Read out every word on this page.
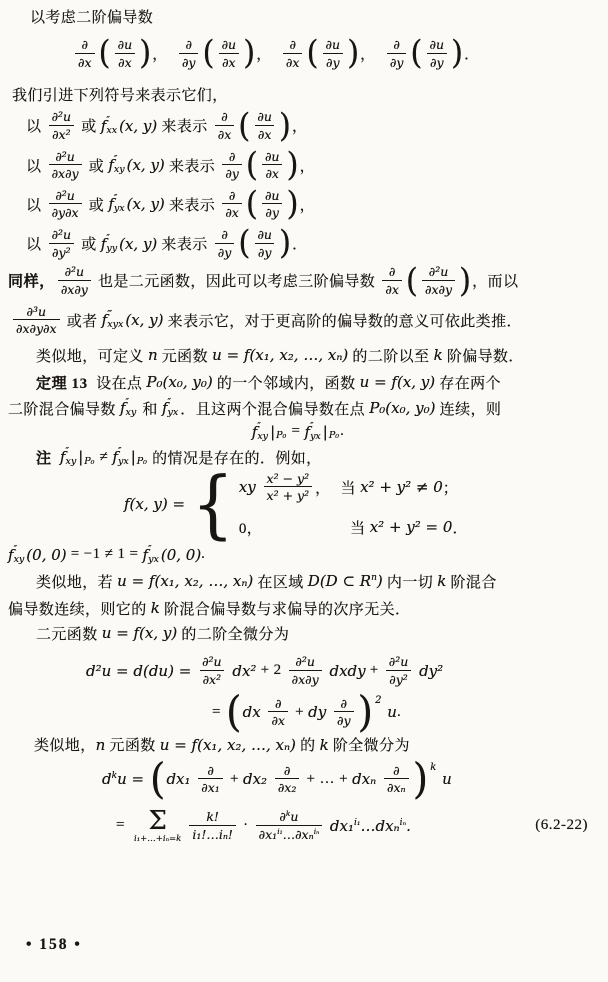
以考虑二阶偏导数
∂
∂x ( ∂u
∂x ) ，
∂
∂y ( ∂u
∂x ) ，
∂
∂x ( ∂u
∂y ) ，
∂
∂y ( ∂u
∂y ) ．
我们引进下列符号来表示它们，
以
∂²u
∂x² 或 f ″
xx (x, y) 来表示
∂
∂x ( ∂u
∂x ) ，
以
∂²u
∂x∂y 或 f ″
xy (x, y) 来表示
∂
∂y ( ∂u
∂x ) ，
以
∂²u
∂y∂x 或 f ″
yx (x, y) 来表示
∂
∂x ( ∂u
∂y ) ，
以
∂²u
∂y² 或 f ″
yy (x, y) 来表示
∂
∂y ( ∂u
∂y ) ．
同样，
∂²u
∂x∂y 也是二元函数，因此可以考虑三阶偏导数
∂
∂x ( ∂²u
∂x∂y ) ，而以
∂³u
∂x∂y∂x 或者 f ‴
xyx (x, y) 来表示它，对于更高阶的偏导数的意义可依此类推．
类似地，可定义 n 元函数 u = f(x₁, x₂, …, xₙ) 的二阶以至 k 阶偏导数．
定理 13 设在点 P₀(x₀, y₀) 的一个邻域内，函数 u = f(x, y) 存在两个
二阶混合偏导数 f ″
xy 和 f ″
yx ．且这两个混合偏导数在点 P₀(x₀, y₀) 连续，则
f ″
xy | P₀ = f ″
yx | P₀ .
注
f ″
xy | P₀ ≠ f ″
yx | P₀ 的情况是存在的．例如，
f(x, y) = { xy
x² − y²
x² + y² ， 当 x² + y² ≠ 0 ；
0，	当 x² + y² = 0 ．
f ″
xy (0, 0) = −1 ≠ 1 = f ″
yx (0, 0) .
类似地，若 u = f(x₁, x₂, …, xₙ) 在区域 D(D ⊂ $R^n$) 内一切 k 阶混合
偏导数连续，则它的 k 阶混合偏导数与求偏导的次序无关．
二元函数 u = f(x, y) 的二阶全微分为
$d^2u = d(du) = \frac{\text{∂²u}}{\text{∂x²}} dx^2 + 2$
∂²u
∂x∂y dxdy + $\frac{\text{∂²u}}{\text{∂y²}} dy^2$
= ( dx
∂
∂x
+ dy
∂
∂y ) 2
u .
类似地， n 元函数 u = f(x₁, x₂, …, xₙ) 的 k 阶全微分为
$d^ku$ = ( dx₁
∂
∂x₁
+ dx₂
∂
∂x₂
+ … + dxₙ
∂
∂xₙ ) k
u
= Σ
i₁+…+iₙ=k
k!
i₁!…iₙ!
·
∂$^k$u
∂x₁$^{i_1}$…∂xₙ$^{i_n}$ dx₁$^{i_1}$…dxₙ$^{i_n}$.	(6.2-22)
• 158 •
